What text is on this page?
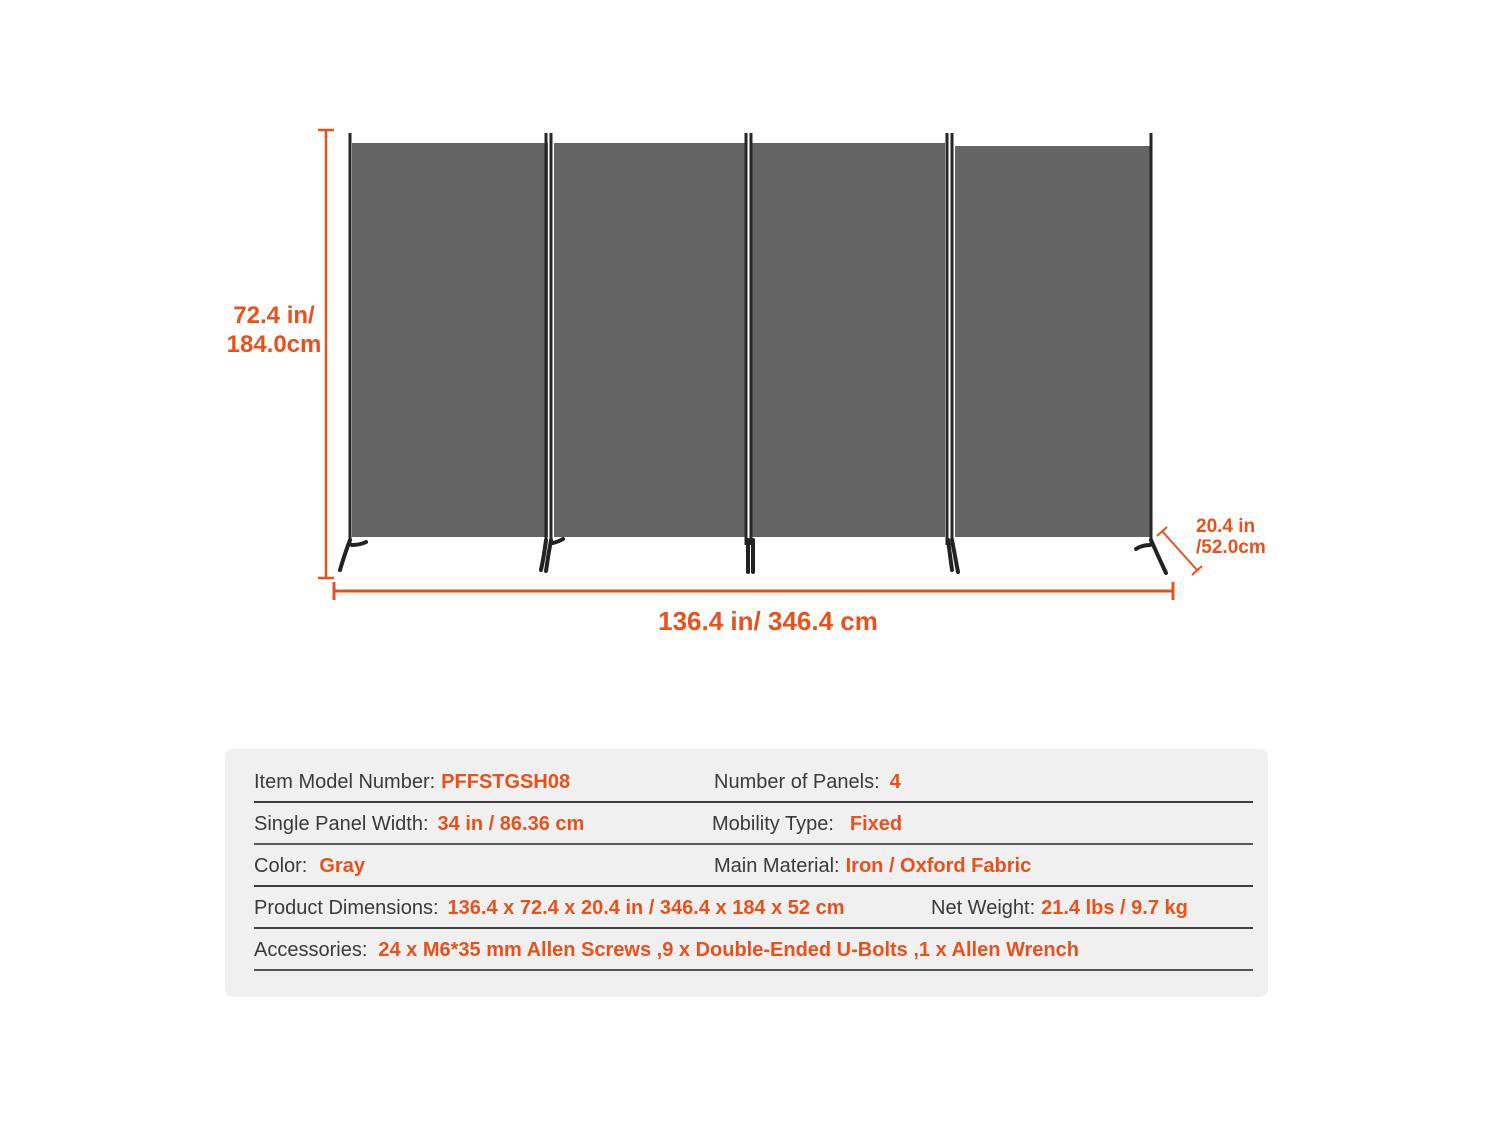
72.4 in/
184.0cm
20.4 in
/52.0cm
136.4 in/ 346.4 cm
Item Model Number: PFFSTGSH08	Number of Panels: 4
Single Panel Width: 34 in / 86.36 cm	Mobility Type: Fixed
Color: Gray	Main Material: Iron / Oxford Fabric
Product Dimensions: 136.4 x 72.4 x 20.4 in / 346.4 x 184 x 52 cm	Net Weight: 21.4 lbs / 9.7 kg
Accessories: 24 x M6*35 mm Allen Screws ,9 x Double-Ended U-Bolts ,1 x Allen Wrench
